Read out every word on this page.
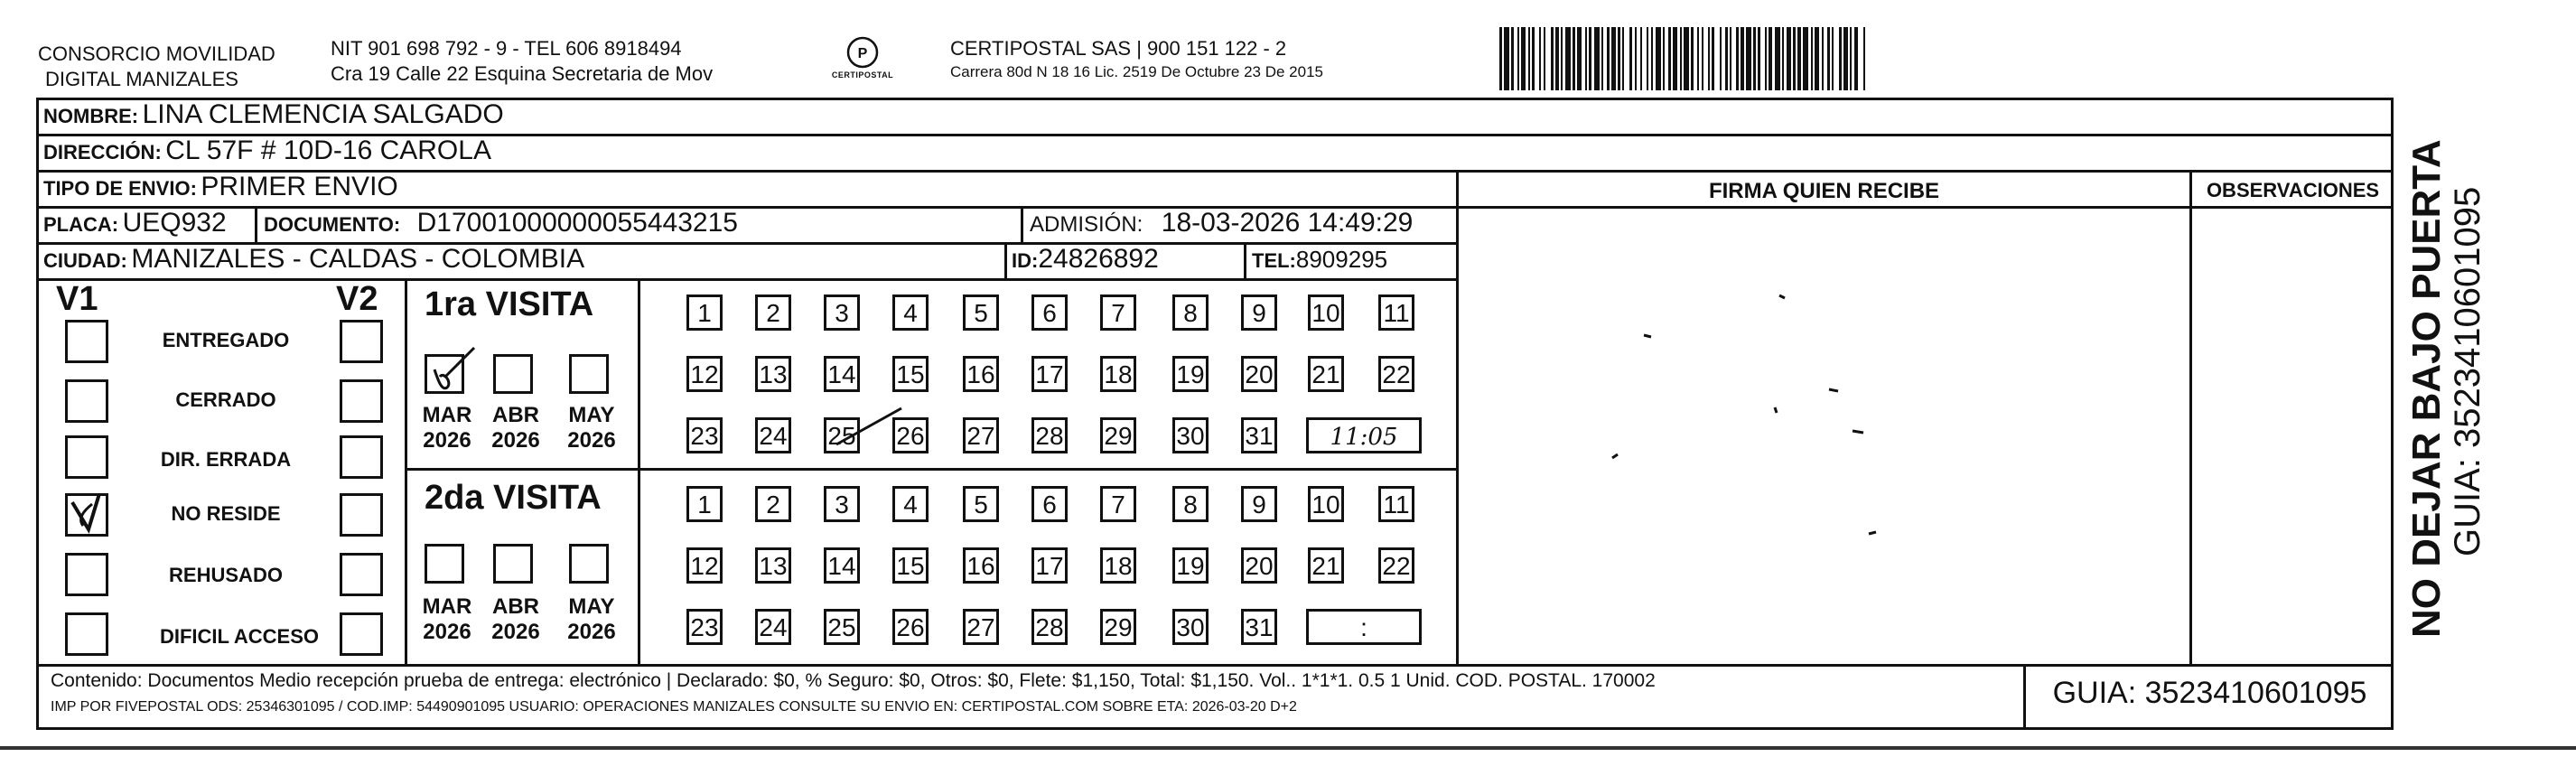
CONSORCIO MOVILIDAD
DIGITAL MANIZALES
NIT 901 698 792 - 9 - TEL 606 8918494
Cra 19 Calle 22 Esquina Secretaria de Mov
P
CERTIPOSTAL
CERTIPOSTAL SAS | 900 151 122 - 2
Carrera 80d N 18 16 Lic. 2519 De Octubre 23 De 2015
NOMBRE: LINA CLEMENCIA SALGADO
DIRECCIÓN: CL 57F # 10D-16 CAROLA
TIPO DE ENVIO: PRIMER ENVIO
PLACA: UEQ932 DOCUMENTO: D17001000000055443215	ADMISIÓN: 18-03-2026 14:49:29
CIUDAD: MANIZALES - CALDAS - COLOMBIA	ID:24826892	TEL:8909295
FIRMA QUIEN RECIBE	OBSERVACIONES
V1	V2
ENTREGADO
CERRADO
DIR. ERRADA
NO RESIDE
REHUSADO
DIFICIL ACCESO
1ra VISITA
MAR
2026
ABR
2026
MAY
2026
1	2	3	4	5	6	7	8	9	10 11
12 13 14 15 16 17 18 19 20 21 22
23 24 25 26 27 28 29 30 31	11:05
2da VISITA
MAR
2026
ABR
2026
MAY
2026
1	2	3	4	5	6	7	8	9	10 11
12 13 14 15 16 17 18 19 20 21 22
23 24 25 26 27 28 29 30 31	:
Contenido: Documentos Medio recepción prueba de entrega: electrónico | Declarado: $0, % Seguro: $0, Otros: $0, Flete: $1,150, Total: $1,150. Vol.. 1*1*1. 0.5 1 Unid. COD. POSTAL. 170002
IMP POR FIVEPOSTAL ODS: 25346301095 / COD.IMP: 54490901095 USUARIO: OPERACIONES MANIZALES CONSULTE SU ENVIO EN: CERTIPOSTAL.COM SOBRE ETA: 2026-03-20 D+2	GUIA: 3523410601095
NO DEJAR BAJO PUERTA GUIA: 3523410601095
